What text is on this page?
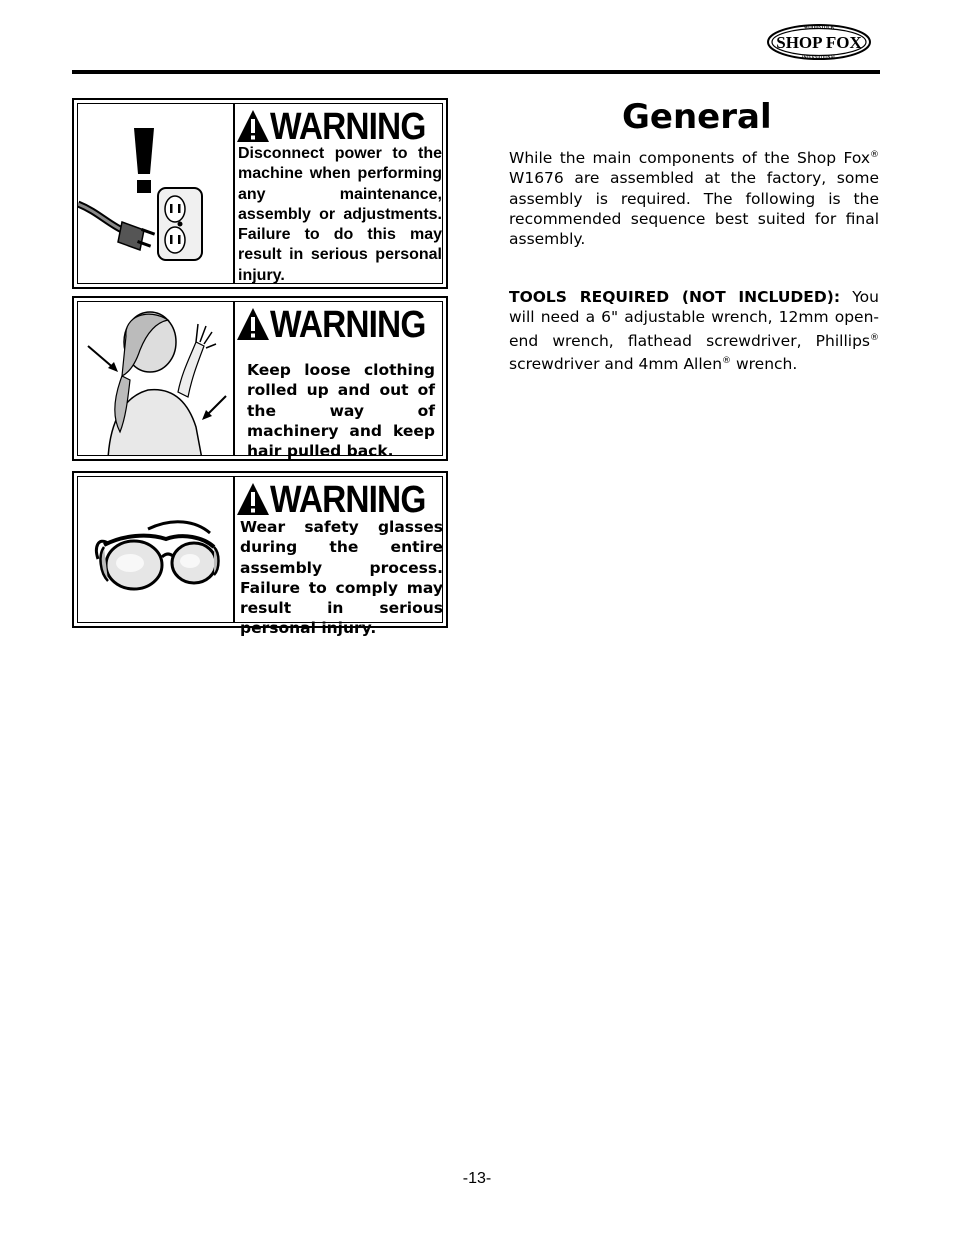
WOODSTOCK
SHOP FOX
INTERNATIONAL
WARNING
Disconnect power to the machine when performing any maintenance, assembly or adjustments. Failure to do this may result in serious personal injury.
WARNING
Keep loose clothing rolled up and out of the way of machinery and keep hair pulled back.
WARNING
Wear safety glasses during the entire assembly process. Failure to comply may result in serious personal injury.
General
While the main components of the Shop Fox® W1676 are assembled at the factory, some assembly is required. The following is the recommended sequence best suited for final assembly.
TOOLS REQUIRED (NOT INCLUDED): You will need a 6" adjustable wrench, 12mm open-end wrench, flathead screwdriver, Phillips® screwdriver and 4mm Allen® wrench.
-13-
